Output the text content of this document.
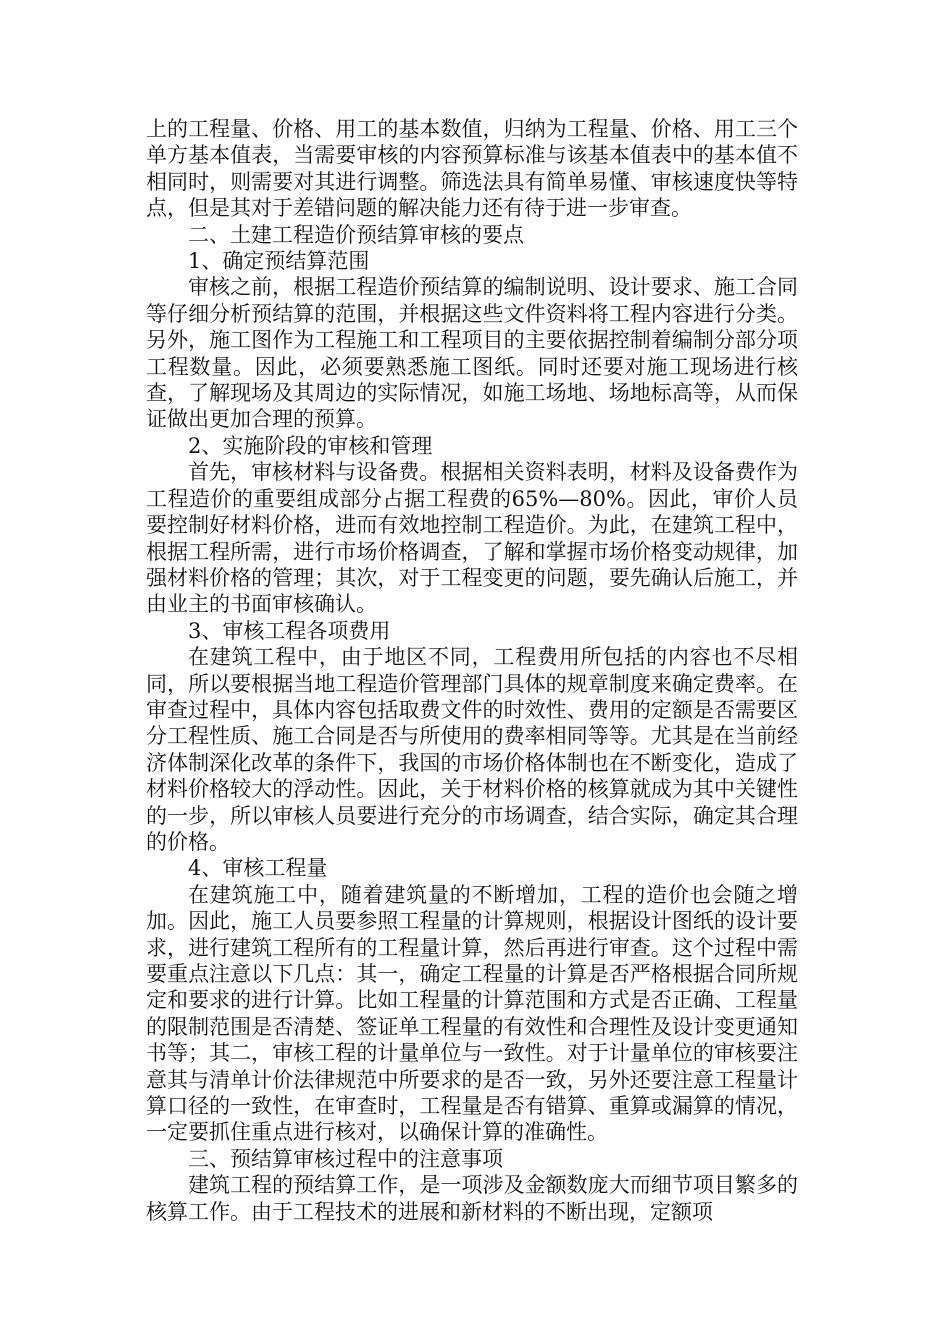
上的工程量、价格、用工的基本数值，归纳为工程量、价格、用工三个单方基本值表，当需要审核的内容预算标准与该基本值表中的基本值不相同时，则需要对其进行调整。筛选法具有简单易懂、审核速度快等特点，但是其对于差错问题的解决能力还有待于进一步审查。

二、土建工程造价预结算审核的要点

1、确定预结算范围

审核之前，根据工程造价预结算的编制说明、设计要求、施工合同等仔细分析预结算的范围，并根据这些文件资料将工程内容进行分类。另外，施工图作为工程施工和工程项目的主要依据控制着编制分部分项工程数量。因此，必须要熟悉施工图纸。同时还要对施工现场进行核查，了解现场及其周边的实际情况，如施工场地、场地标高等，从而保证做出更加合理的预算。

2、实施阶段的审核和管理

首先，审核材料与设备费。根据相关资料表明，材料及设备费作为工程造价的重要组成部分占据工程费的65%—80%。因此，审价人员要控制好材料价格，进而有效地控制工程造价。为此，在建筑工程中，根据工程所需，进行市场价格调查，了解和掌握市场价格变动规律，加强材料价格的管理；其次，对于工程变更的问题，要先确认后施工，并由业主的书面审核确认。

3、审核工程各项费用

在建筑工程中，由于地区不同，工程费用所包括的内容也不尽相同，所以要根据当地工程造价管理部门具体的规章制度来确定费率。在审查过程中，具体内容包括取费文件的时效性、费用的定额是否需要区分工程性质、施工合同是否与所使用的费率相同等等。尤其是在当前经济体制深化改革的条件下，我国的市场价格体制也在不断变化，造成了材料价格较大的浮动性。因此，关于材料价格的核算就成为其中关键性的一步，所以审核人员要进行充分的市场调查，结合实际，确定其合理的价格。

4、审核工程量

在建筑施工中，随着建筑量的不断增加，工程的造价也会随之增加。因此，施工人员要参照工程量的计算规则，根据设计图纸的设计要求，进行建筑工程所有的工程量计算，然后再进行审查。这个过程中需要重点注意以下几点：其一，确定工程量的计算是否严格根据合同所规定和要求的进行计算。比如工程量的计算范围和方式是否正确、工程量的限制范围是否清楚、签证单工程量的有效性和合理性及设计变更通知书等；其二，审核工程的计量单位与一致性。对于计量单位的审核要注意其与清单计价法律规范中所要求的是否一致，另外还要注意工程量计算口径的一致性，在审查时，工程量是否有错算、重算或漏算的情况，一定要抓住重点进行核对，以确保计算的准确性。

三、预结算审核过程中的注意事项

建筑工程的预结算工作，是一项涉及金额数庞大而细节项目繁多的核算工作。由于工程技术的进展和新材料的不断出现，定额项
